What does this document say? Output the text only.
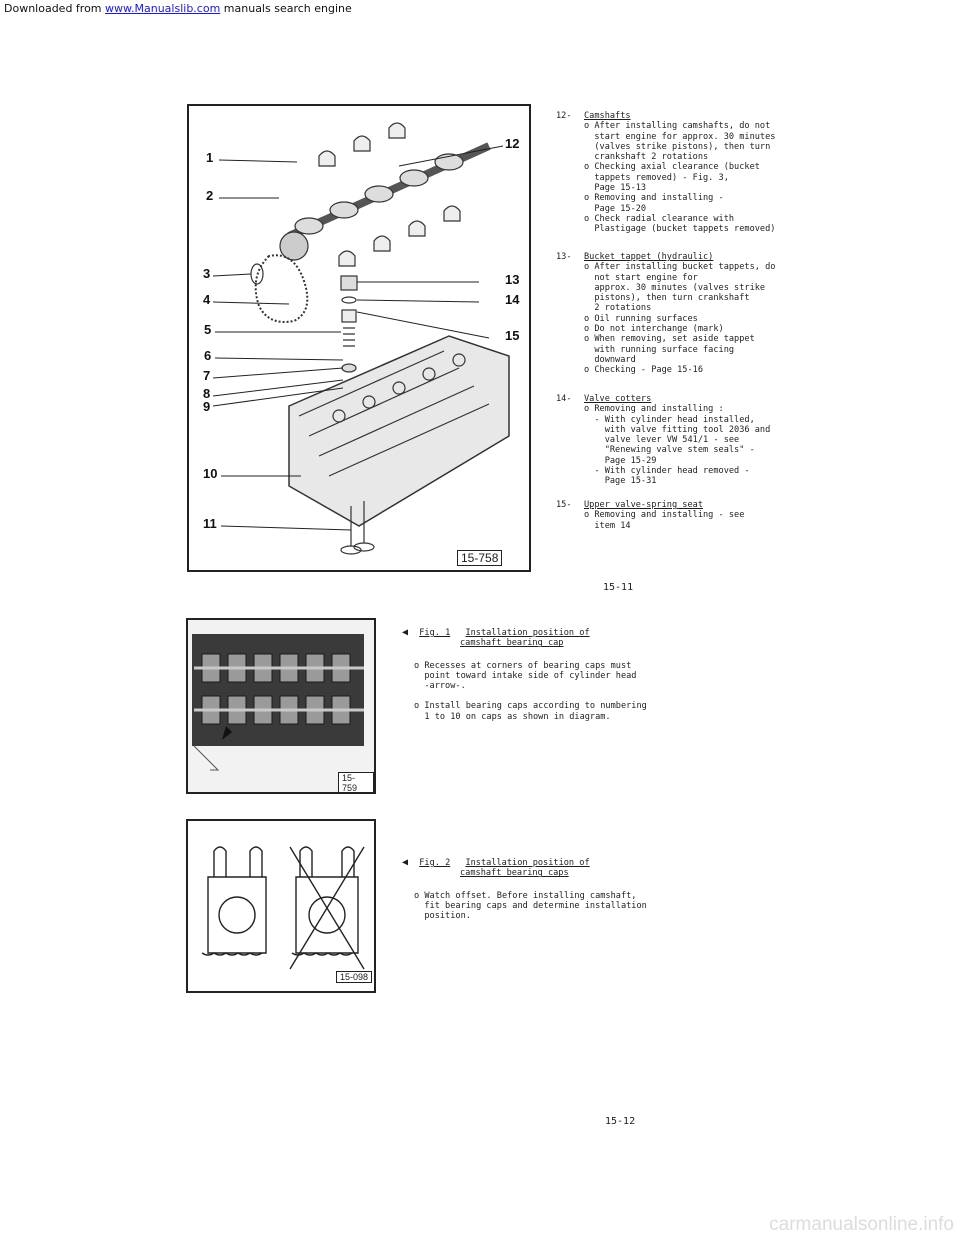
Downloaded from www.Manualslib.com manuals search engine
1
2
3
4
5
6
7
8
9
10
11
12
13
14
15
15-758
12- Camshafts
o After installing camshafts, do not
start engine for approx. 30 minutes
(valves strike pistons), then turn
crankshaft 2 rotations
o Checking axial clearance (bucket
tappets removed) - Fig. 3,
Page 15-13
o Removing and installing -
Page 15-20
o Check radial clearance with
Plastigage (bucket tappets removed)
13- Bucket tappet (hydraulic)
o After installing bucket tappets, do
not start engine for
approx. 30 minutes (valves strike
pistons), then turn crankshaft
2 rotations
o Oil running surfaces
o Do not interchange (mark)
o When removing, set aside tappet
with running surface facing
downward
o Checking - Page 15-16
14- Valve cotters
o Removing and installing :
- With cylinder head installed,
with valve fitting tool 2036 and
valve lever VW 541/1 - see
"Renewing valve stem seals" -
Page 15-29
- With cylinder head removed -
Page 15-31
15- Upper valve-spring seat
o Removing and installing - see
item 14
15-11
15-759
◀ Fig. 1 Installation position of
camshaft bearing cap
o Recesses at corners of bearing caps must
point toward intake side of cylinder head
-arrow-.
o Install bearing caps according to numbering
1 to 10 on caps as shown in diagram.
15-098
◀ Fig. 2 Installation position of
camshaft bearing caps
o Watch offset. Before installing camshaft,
fit bearing caps and determine installation
position.
15-12
carmanualsonline.info
